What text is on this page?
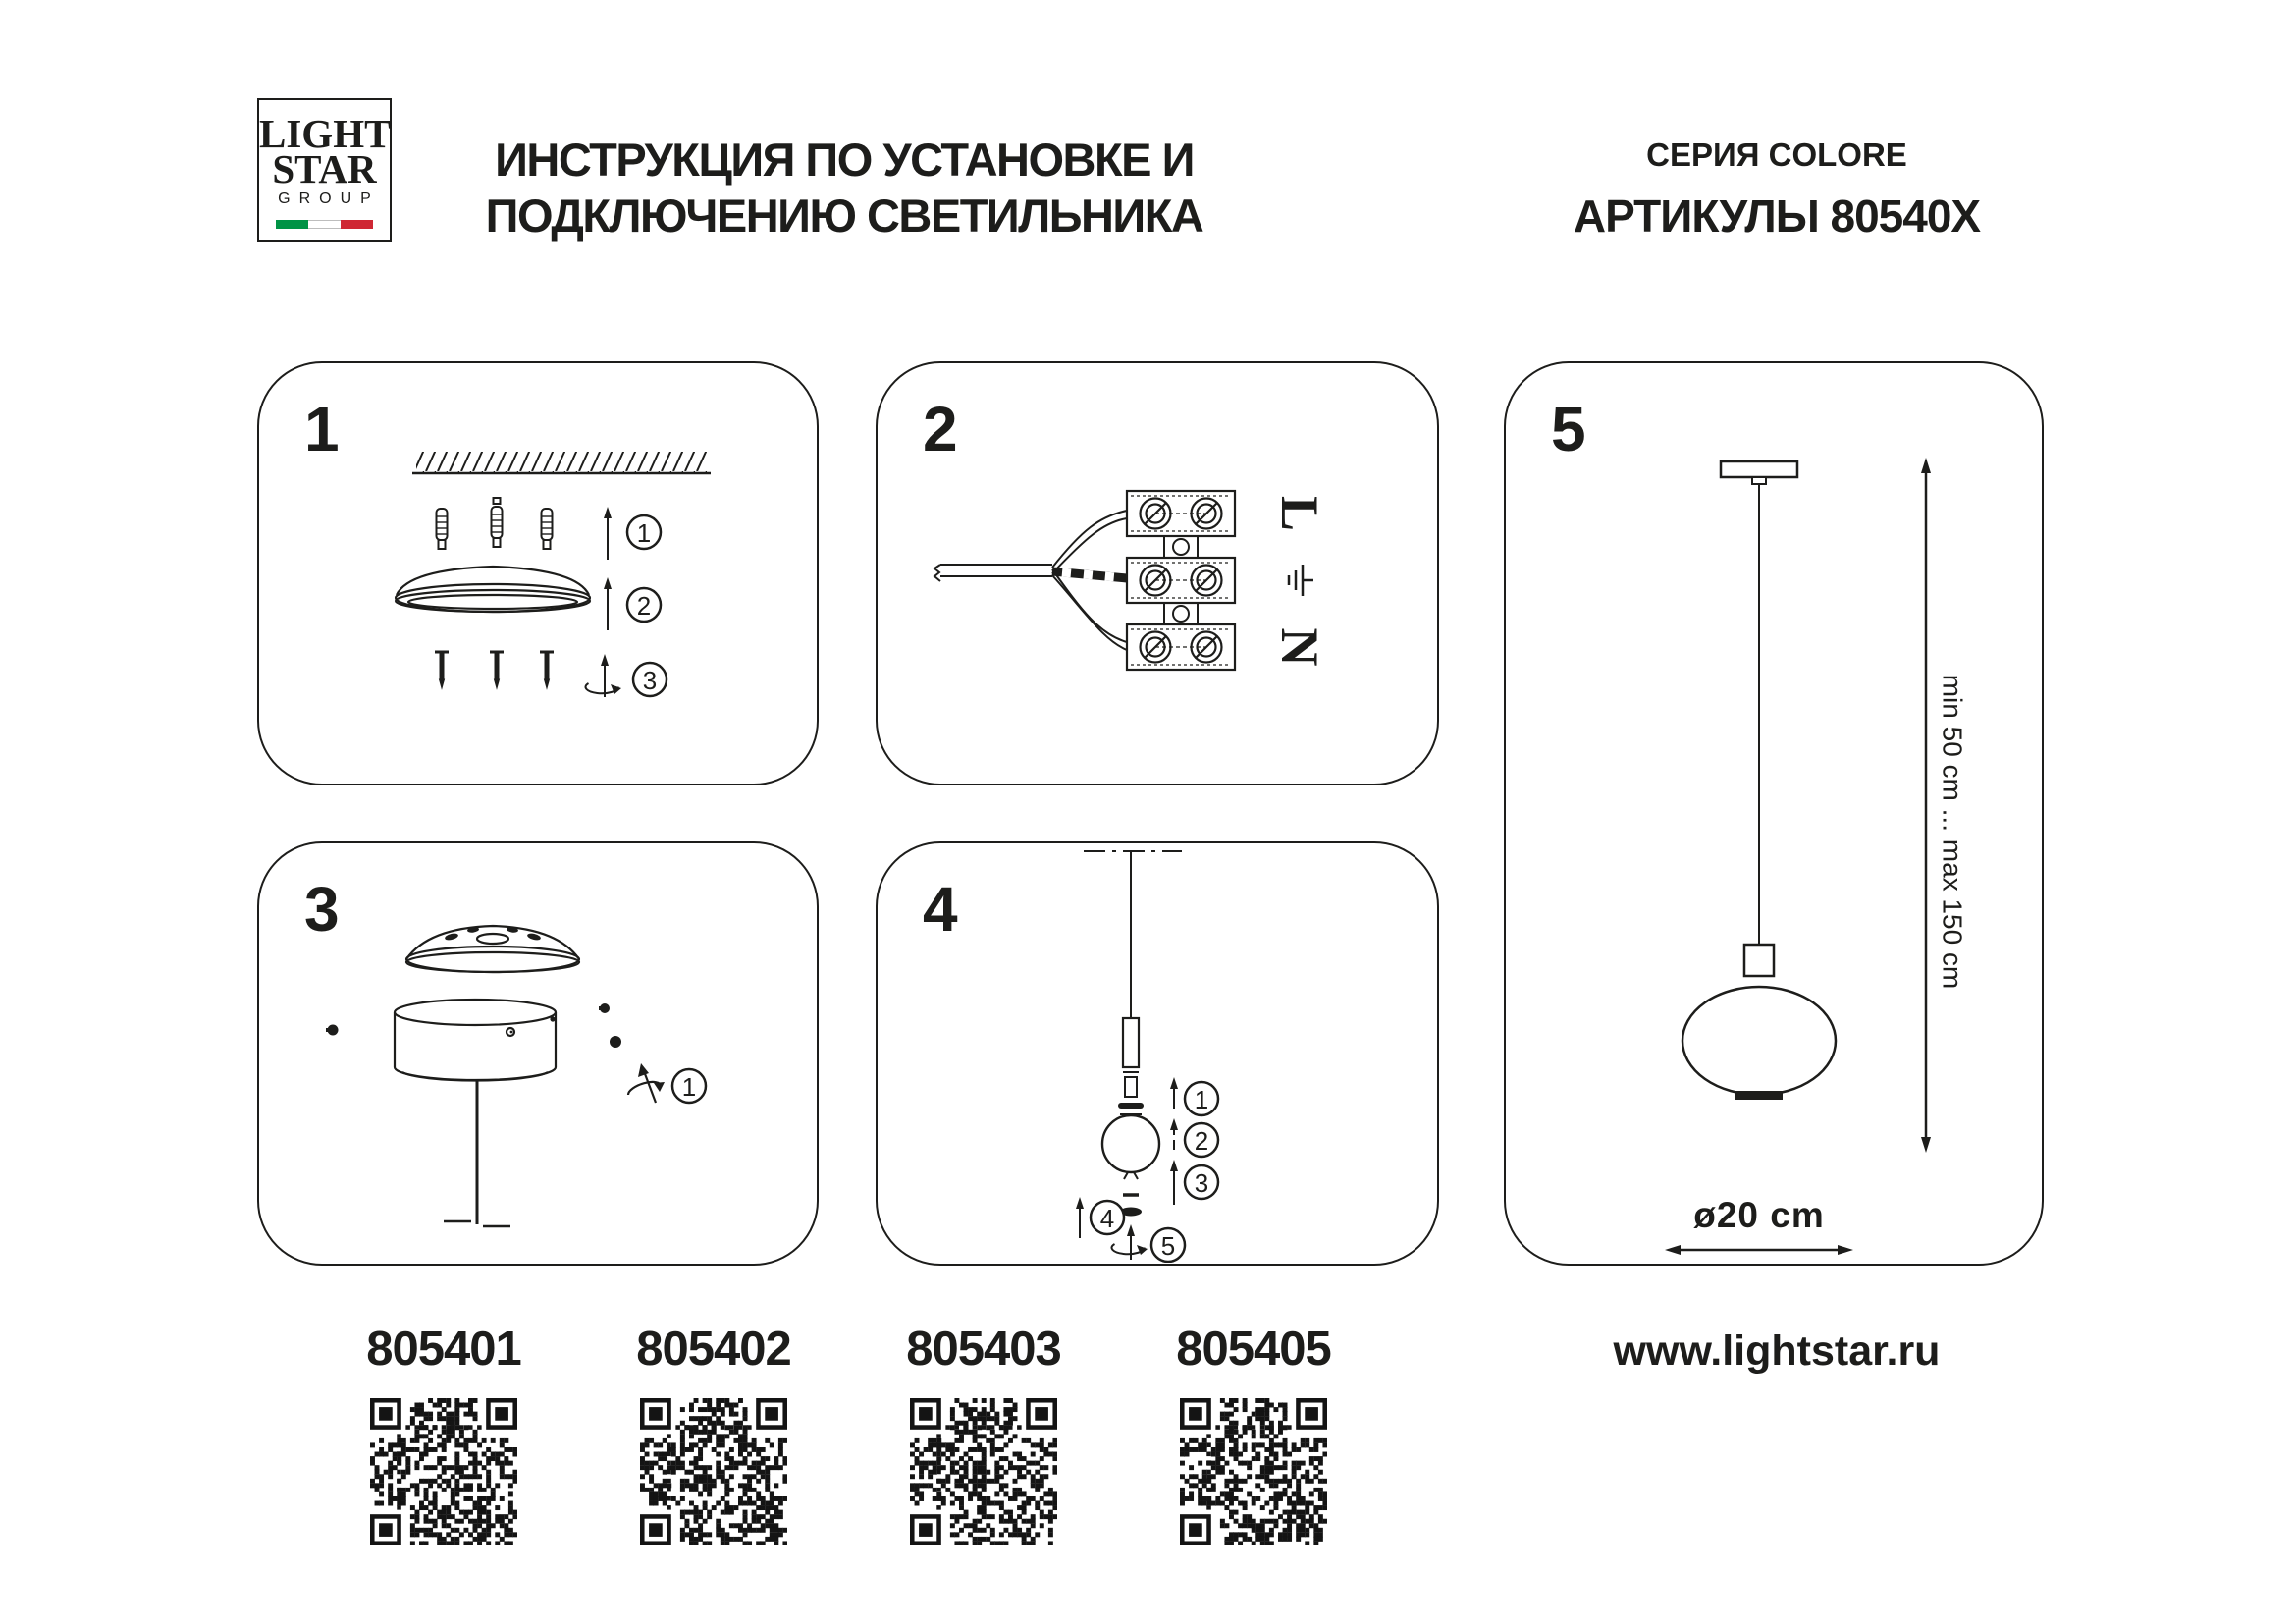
LIGHT
STAR
GROUP
ИНСТРУКЦИЯ ПО УСТАНОВКЕ И
ПОДКЛЮЧЕНИЮ СВЕТИЛЬНИКА
СЕРИЯ COLORE
АРТИКУЛЫ 80540X
1
2
3
1
L
N
2
1
3
1
2
3
4
5
4	min 50 cm ... max 150 cm
ø20 cm
5
805401 805402 805403 805405	www.lightstar.ru
